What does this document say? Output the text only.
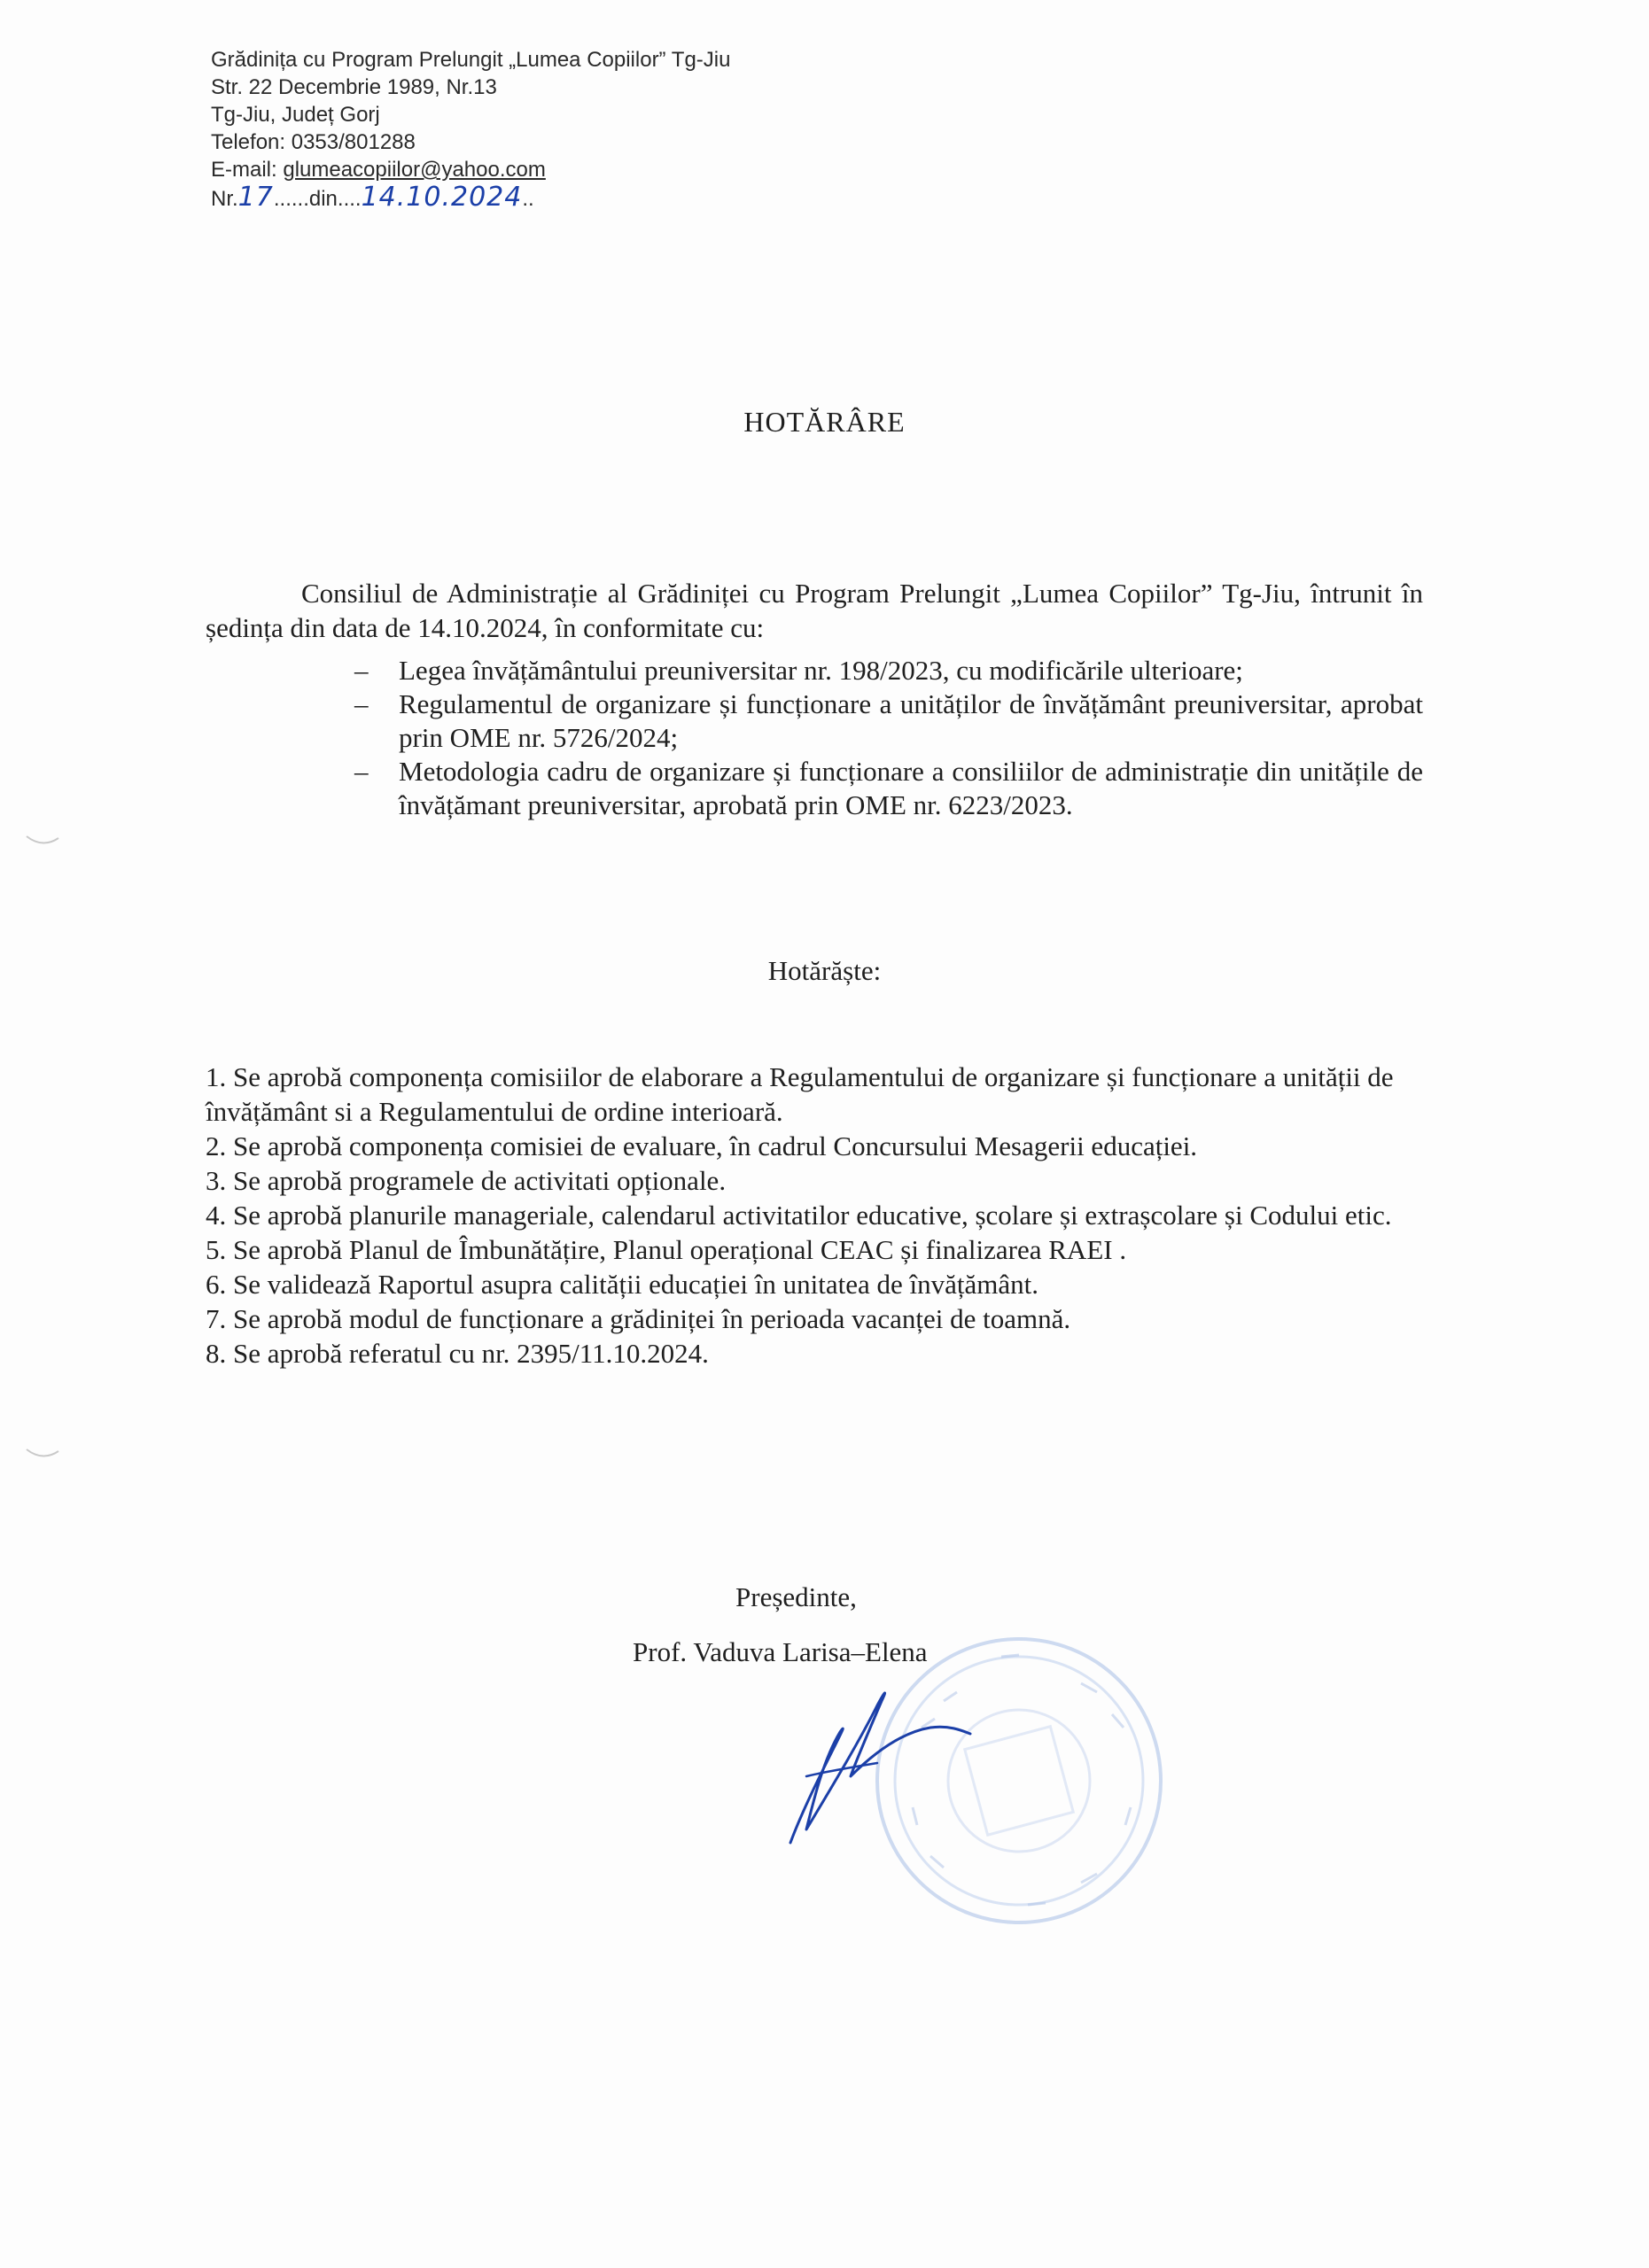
Grădinița cu Program Prelungit „Lumea Copiilor” Tg-Jiu
Str. 22 Decembrie 1989, Nr.13
Tg-Jiu, Județ Gorj
Telefon: 0353/801288
E-mail: glumeacopiilor@yahoo.com
Nr.17......din....14.10.2024..
HOTĂRÂRE
Consiliul de Administrație al Grădiniței cu Program Prelungit „Lumea Copiilor” Tg-Jiu, întrunit în ședința din data de 14.10.2024, în conformitate cu:
– Legea învățământului preuniversitar nr. 198/2023, cu modificările ulterioare;
– Regulamentul de organizare și funcționare a unităților de învățământ preuniversitar, aprobat prin OME nr. 5726/2024;
– Metodologia cadru de organizare și funcționare a consiliilor de administrație din unitățile de învățămant preuniversitar, aprobată prin OME nr. 6223/2023.
Hotărăște:
1. Se aprobă componența comisiilor de elaborare a Regulamentului de organizare și funcționare a unității de învățământ si a Regulamentului de ordine interioară.
2. Se aprobă componența comisiei de evaluare, în cadrul Concursului Mesagerii educației.
3. Se aprobă programele de activitati opționale.
4. Se aprobă planurile manageriale, calendarul activitatilor educative, școlare și extrașcolare și Codului etic.
5. Se aprobă Planul de Îmbunătățire, Planul operațional CEAC și finalizarea RAEI .
6. Se validează Raportul asupra calității educației în unitatea de învățământ.
7. Se aprobă modul de funcționare a grădiniței în perioada vacanței de toamnă.
8. Se aprobă referatul cu nr. 2395/11.10.2024.
Președinte,
Prof. Vaduva Larisa–Elena
